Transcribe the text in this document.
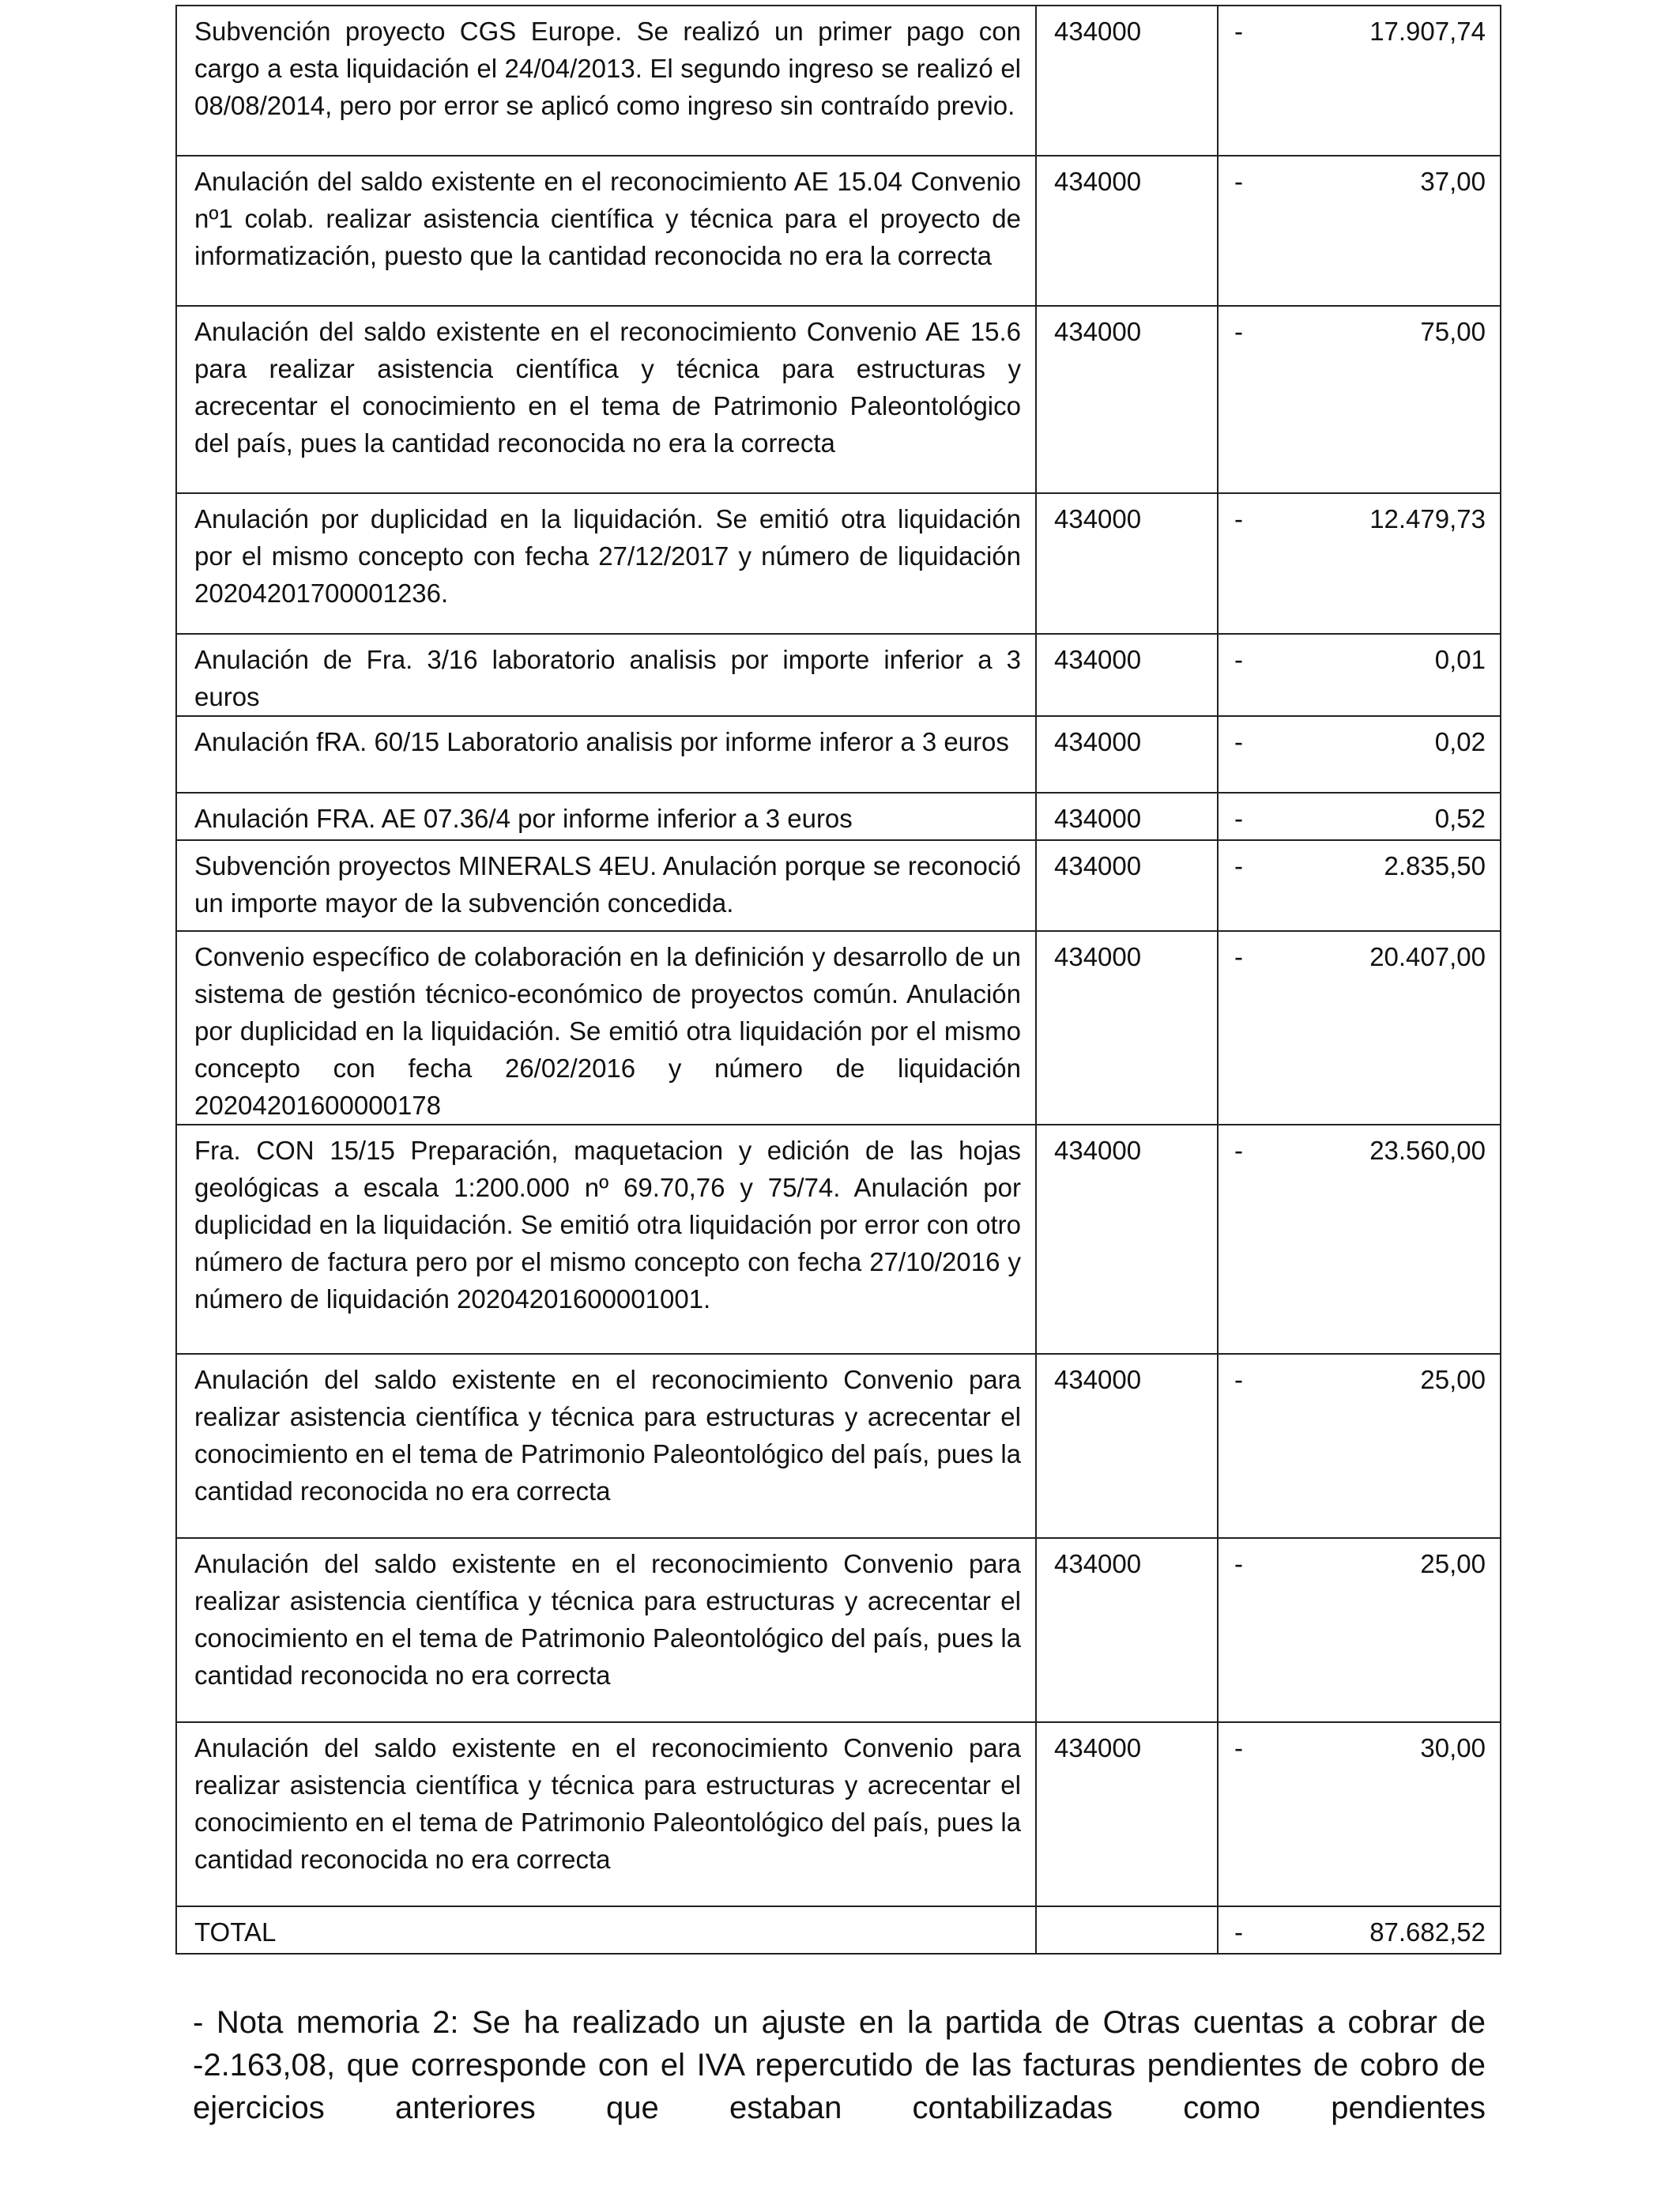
Subvención proyecto CGS Europe. Se realizó un primer pago con cargo a esta liquidación el 24/04/2013. El segundo ingreso se realizó el 08/08/2014, pero por error se aplicó como ingreso sin contraído previo.	434000	- 17.907,74

Anulación del saldo existente en el reconocimiento AE 15.04 Convenio nº1 colab. realizar asistencia científica y técnica para el proyecto de informatización, puesto que la cantidad reconocida no era la correcta	434000	- 37,00

Anulación del saldo existente en el reconocimiento Convenio AE 15.6 para realizar asistencia científica y técnica para estructuras y acrecentar el conocimiento en el tema de Patrimonio Paleontológico del país, pues la cantidad reconocida no era la correcta	434000	- 75,00

Anulación por duplicidad en la liquidación. Se emitió otra liquidación por el mismo concepto con fecha 27/12/2017 y número de liquidación 20204201700001236.	434000	- 12.479,73

Anulación de Fra. 3/16 laboratorio analisis por importe inferior a 3 euros	434000	- 0,01

Anulación fRA. 60/15 Laboratorio analisis por informe inferor a 3 euros	434000	- 0,02

Anulación FRA. AE 07.36/4 por informe inferior a 3 euros	434000	- 0,52

Subvención proyectos MINERALS 4EU. Anulación porque se reconoció un importe mayor de la subvención concedida.	434000	- 2.835,50

Convenio específico de colaboración en la definición y desarrollo de un sistema de gestión técnico-económico de proyectos común. Anulación por duplicidad en la liquidación. Se emitió otra liquidación por el mismo concepto con fecha 26/02/2016 y número de liquidación 20204201600000178	434000	- 20.407,00

Fra. CON 15/15 Preparación, maquetacion y edición de las hojas geológicas a escala 1:200.000 nº 69.70,76 y 75/74. Anulación por duplicidad en la liquidación. Se emitió otra liquidación por error con otro número de factura pero por el mismo concepto con fecha 27/10/2016 y número de liquidación 20204201600001001.	434000	- 23.560,00

Anulación del saldo existente en el reconocimiento Convenio para realizar asistencia científica y técnica para estructuras y acrecentar el conocimiento en el tema de Patrimonio Paleontológico del país, pues la cantidad reconocida no era correcta	434000	- 25,00

Anulación del saldo existente en el reconocimiento Convenio para realizar asistencia científica y técnica para estructuras y acrecentar el conocimiento en el tema de Patrimonio Paleontológico del país, pues la cantidad reconocida no era correcta	434000	- 25,00

Anulación del saldo existente en el reconocimiento Convenio para realizar asistencia científica y técnica para estructuras y acrecentar el conocimiento en el tema de Patrimonio Paleontológico del país, pues la cantidad reconocida no era correcta	434000	- 30,00

TOTAL		- 87.682,52

- Nota memoria 2: Se ha realizado un ajuste en la partida de Otras cuentas a cobrar de -2.163,08, que corresponde con el IVA repercutido de las facturas pendientes de cobro de ejercicios anteriores que estaban contabilizadas como pendientes
